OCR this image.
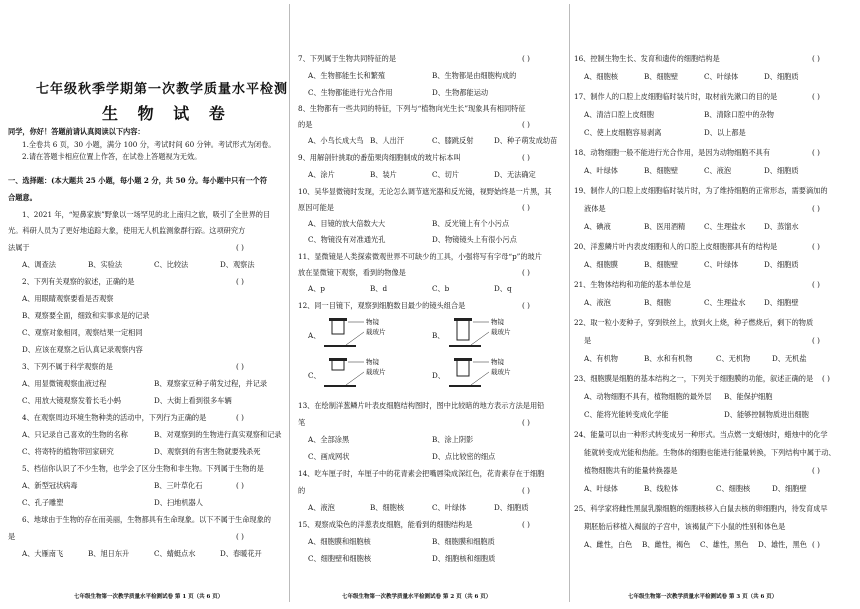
七年级秋季学期第一次教学质量水平检测
生 物 试 卷
同学，你好！答题前请认真阅读以下内容：
1.全卷共 6 页，30 小题，满分 100 分，考试时间 60 分钟。考试形式为闭卷。
2.请在答题卡相应位置上作答，在试卷上答题视为无效。
一、选择题：(本大题共 25 小题，每小题 2 分，共 50 分。每小题中只有一个符
合题意。
1、2021 年，“短鼻家族”野象以一场罕见的北上南归之旅，吸引了全世界的目
光。科研人员为了更好地追踪大象，使用无人机监测象群行踪。这项研究方
法属于	( )
A、调查法	B、实验法	C、比较法	D、观察法
2、下列有关观察的叙述，正确的是	( )
A、用眼睛观察要看是否观察
B、观察要全面，细致和实事求是的记录
C、观察对象相同，观察结果一定相同
D、应该在观察之后认真记录观察内容
3、下列不属于科学观察的是	( )
A、用显微镜观察血液过程	B、观察家豆种子萌发过程，并记录
C、用放大镜观察发着长毛小蚂	D、大街上看到很多车辆
4、在观察周边环境生物种类的活动中，下列行为正确的是	( )
A、只记录自己喜欢的生物的名称	B、对观察到的生物进行真实观察和记录
C、将寄特的植物带回家研究	D、观察到的有害生物就要残杀死
5、档信你认识了不少生物，也学会了区分生物和非生物。下列属于生物的是
( )
A、新型冠状病毒	B、三叶草化石
C、孔子雕塑	D、扫地机器人
6、地球由于生物的存在而美丽，生物都具有生命现象。以下不属于生命现象的
是	( )
A、大雁南飞	B、旭日东升	C、蜻蜓点水	D、春暖花开
七年级生物第一次教学质量水平检测试卷 第 1 页（共 6 页）
7、下列属于生物共同特征的是	( )
A、生物都能生长和繁殖	B、生物都是由细胞构成的
C、生物都能进行光合作用	D、生物都能运动
8、生物都有一些共同的特征，下列与“植物向光生长”现象具有相同特征
的是	( )
A、小鸟长成大鸟 B、人出汗	C、膝跳反射	D、种子萌发成幼苗
9、用解剖针挑取的番茄果肉细胞制成的玻片标本叫	( )
A、涂片	B、装片	C、切片	D、无法确定
10、吴华显微镜时发现，无论怎么调节遮光器和反光镜，视野始终是一片黑，其
原因可能是	( )
A、目镜的放大倍数大大	B、反光镜上有个小污点
C、物镜没有对准通光孔	D、物镜镜头上有很小污点
11、显微镜是人类探索微观世界不可缺少的工具，小强将写有字母“p”的玻片
放在显微镜下观察，看到的物像是	( )
A、p	B、d	C、b	D、q
12、同一目镜下，观察到细胞数目最少的镜头组合是	( )
A、	B、
C、	D、
物镜
载玻片
物镜
载玻片
物镜
载玻片
物镜
载玻片
13、在绘制洋葱鳞片叶表皮细胞结构图时，图中比较暗的地方表示方法是用铅
笔	( )
A、全部涂黑	B、涂上阴影
C、画成网状	D、点比较密的细点
14、吃车厘子时，车厘子中的花青素会把嘴唇染成深红色，花青素存在于细胞
的	( )
A、液泡	B、细胞核	C、叶绿体	D、细胞质
15、观察成染色的洋葱表皮细胞，能看到的细胞结构是	( )
A、细胞膜和细胞核	B、细胞膜和细胞质
C、细胞壁和细胞核	D、细胞核和细胞质
七年级生物第一次教学质量水平检测试卷 第 2 页（共 6 页）
16、控制生物生长、发育和遗传的细胞结构是	( )
A、细胞核	B、细胞壁	C、叶绿体	D、细胞质
17、制作人的口腔上皮细胞临时装片时，取材前先漱口的目的是	( )
A、清洁口腔上皮细胞	B、清除口腔中的杂物
C、使上皮细胞容易剥离	D、以上都是
18、动物细胞一般不能进行光合作用，是因为动物细胞不具有	( )
A、叶绿体	B、细胞壁	C、液泡	D、细胞质
19、制作人的口腔上皮细胞临时装片时，为了维持细胞的正常形态，需要滴加的
液体是	( )
A、碘液	B、医用酒精	C、生理盐水	D、蒸馏水
20、洋葱鳞片叶内表皮细胞和人的口腔上皮细胞都具有的结构是	( )
A、细胞膜	B、细胞壁	C、叶绿体	D、细胞质
21、生物体结构和功能的基本单位是	( )
A、液泡	B、细胞	C、生理盐水	D、细胞壁
22、取一粒小麦种子，穿到铁丝上，放到火上烧，种子燃烧后，剩下的物质
是	( )
A、有机物	B、水和有机物	C、无机物	D、无机盐
23、细胞膜是细胞的基本结构之一，下列关于细胞膜的功能，叙述正确的是 ( )
A、动物细胞不具有，植物细胞的最外层 B、能保护细胞
C、能将光能转变成化学能	D、能够控制物质进出细胞
24、能量可以由一种形式转变成另一种形式。当点燃一支蜡烛时，蜡烛中的化学
能就转变成光能和热能。生物体的细胞也能进行能量转换，下列结构中属于动、
植物细胞共有的能量转换器是	( )
A、叶绿体	B、线粒体	C、细胞核	D、细胞壁
25、科学家将雌性黑鼠乳腺细胞的细胞核移入白鼠去核的卵细胞内，待发育成早
期胚胎后移植入褐鼠的子宫中，该褐鼠产下小鼠的性别和体色是
( )
A、雌性，白色 B、雌性，褐色 C、雄性，黑色 D、雄性，黑色
七年级生物第一次教学质量水平检测试卷 第 3 页（共 6 页）
